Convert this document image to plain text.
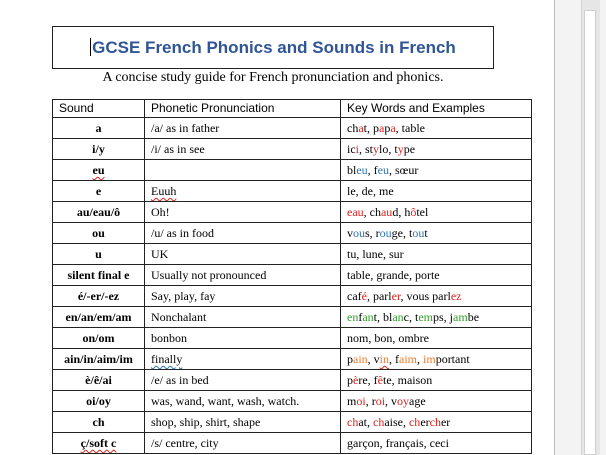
GCSE French Phonics and Sounds in French
A concise study guide for French pronunciation and phonics.
Sound	Phonetic Pronunciation	Key Words and Examples
a	/a/ as in father	chat, papa, table
i/y	/i/ as in see	ici, stylo, type
eu		bleu, feu, sœur
e	Euuh	le, de, me
au/eau/ô	Oh!	eau, chaud, hôtel
ou	/u/ as in food	vous, rouge, tout
u	UK	tu, lune, sur
silent final e	Usually not pronounced	table, grande, porte
é/-er/-ez	Say, play, fay	café, parler, vous parlez
en/an/em/am	Nonchalant	enfant, blanc, temps, jambe
on/om	bonbon	nom, bon, ombre
ain/in/aim/im	finally	pain, vin, faim, important
è/ê/ai	/e/ as in bed	père, fête, maison
oi/oy	was, wand, want, wash, watch.	moi, roi, voyage
ch	shop, ship, shirt, shape	chat, chaise, chercher
ç/soft c	/s/ centre, city	garçon, français, ceci
